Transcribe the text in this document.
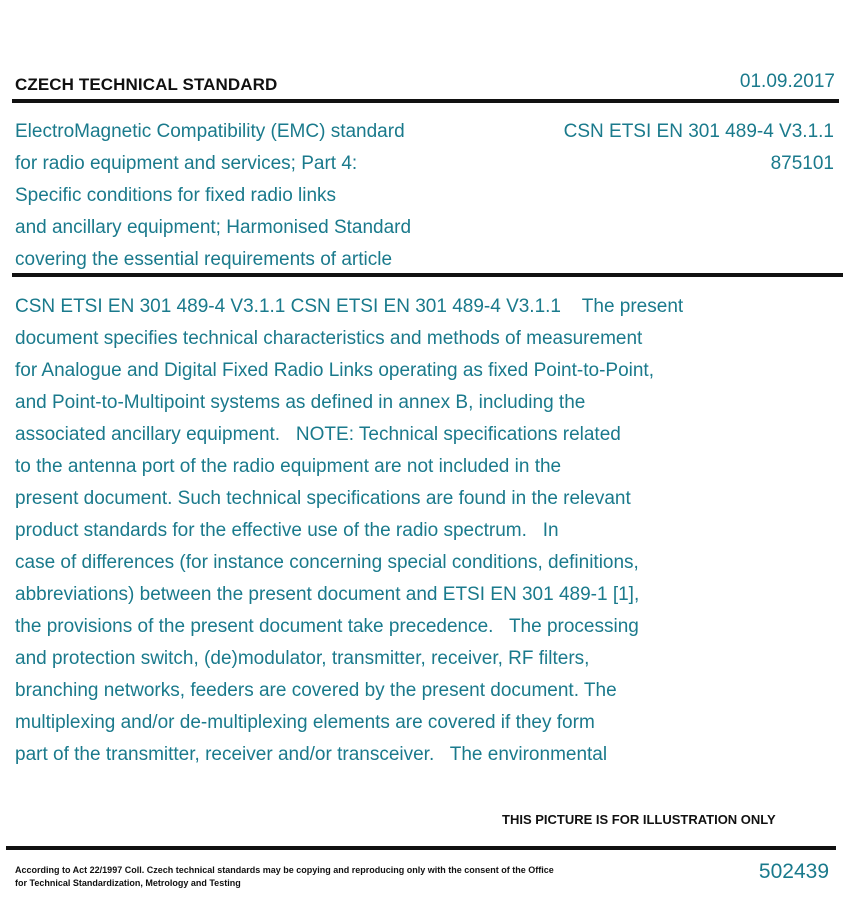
CZECH TECHNICAL STANDARD	01.09.2017
ElectroMagnetic Compatibility (EMC) standard
for radio equipment and services; Part 4:
Specific conditions for fixed radio links
and ancillary equipment; Harmonised Standard
covering the essential requirements of article
CSN ETSI EN 301 489-4 V3.1.1
875101
CSN ETSI EN 301 489-4 V3.1.1 CSN ETSI EN 301 489-4 V3.1.1    The present
document specifies technical characteristics and methods of measurement
for Analogue and Digital Fixed Radio Links operating as fixed Point-to-Point,
and Point-to-Multipoint systems as defined in annex B, including the
associated ancillary equipment.   NOTE: Technical specifications related
to the antenna port of the radio equipment are not included in the
present document. Such technical specifications are found in the relevant
product standards for the effective use of the radio spectrum.   In
case of differences (for instance concerning special conditions, definitions,
abbreviations) between the present document and ETSI EN 301 489-1 [1],
the provisions of the present document take precedence.   The processing
and protection switch, (de)modulator, transmitter, receiver, RF filters,
branching networks, feeders are covered by the present document. The
multiplexing and/or de-multiplexing elements are covered if they form
part of the transmitter, receiver and/or transceiver.   The environmental
THIS PICTURE IS FOR ILLUSTRATION ONLY
According to Act 22/1997 Coll. Czech technical standards may be copying and reproducing only with the consent of the Office
for Technical Standardization, Metrology and Testing	502439
